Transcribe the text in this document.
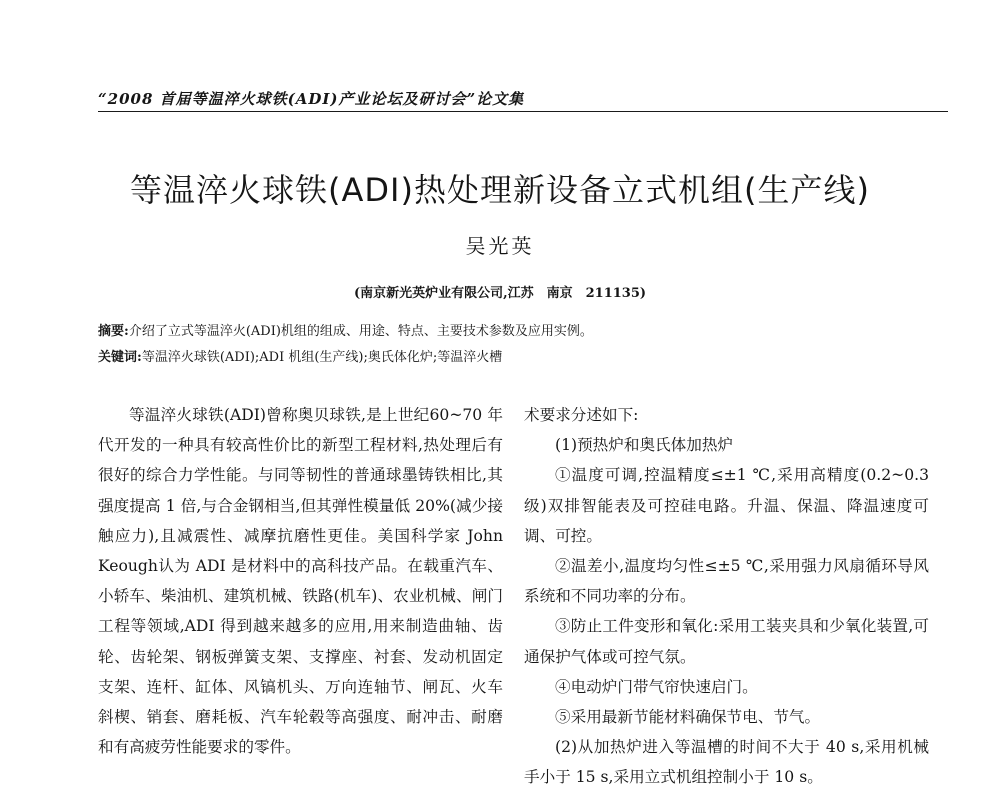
“2008 首届等温淬火球铁(ADI)产业论坛及研讨会”论文集
等温淬火球铁(ADI)热处理新设备立式机组(生产线)
吴光英
(南京新光英炉业有限公司,江苏　南京　211135)
摘要:介绍了立式等温淬火(ADI)机组的组成、用途、特点、主要技术参数及应用实例。
关键词:等温淬火球铁(ADI);ADI 机组(生产线);奥氏体化炉;等温淬火槽

等温淬火球铁(ADI)曾称奥贝球铁,是上世纪60~70 年代开发的一种具有较高性价比的新型工程材料,热处理后有很好的综合力学性能。与同等韧性的普通球墨铸铁相比,其强度提高 1 倍,与合金钢相当,但其弹性模量低 20%(减少接触应力),且减震性、减摩抗磨性更佳。美国科学家 John Keough认为 ADI 是材料中的高科技产品。在载重汽车、小轿车、柴油机、建筑机械、铁路(机车)、农业机械、闸门工程等领域,ADI 得到越来越多的应用,用来制造曲轴、齿轮、齿轮架、钢板弹簧支架、支撑座、衬套、发动机固定支架、连杆、缸体、风镐机头、万向连轴节、闸瓦、火车斜楔、销套、磨耗板、汽车轮毂等高强度、耐冲击、耐磨和有高疲劳性能要求的零件。

术要求分述如下:

(1)预热炉和奥氏体加热炉

①温度可调,控温精度≤±1 ℃,采用高精度(0.2~0.3 级)双排智能表及可控硅电路。升温、保温、降温速度可调、可控。

②温差小,温度均匀性≤±5 ℃,采用强力风扇循环导风系统和不同功率的分布。

③防止工件变形和氧化:采用工装夹具和少氧化装置,可通保护气体或可控气氛。

④电动炉门带气帘快速启门。

⑤采用最新节能材料确保节电、节气。

(2)从加热炉进入等温槽的时间不大于 40 s,采用机械手小于 15 s,采用立式机组控制小于 10 s。
